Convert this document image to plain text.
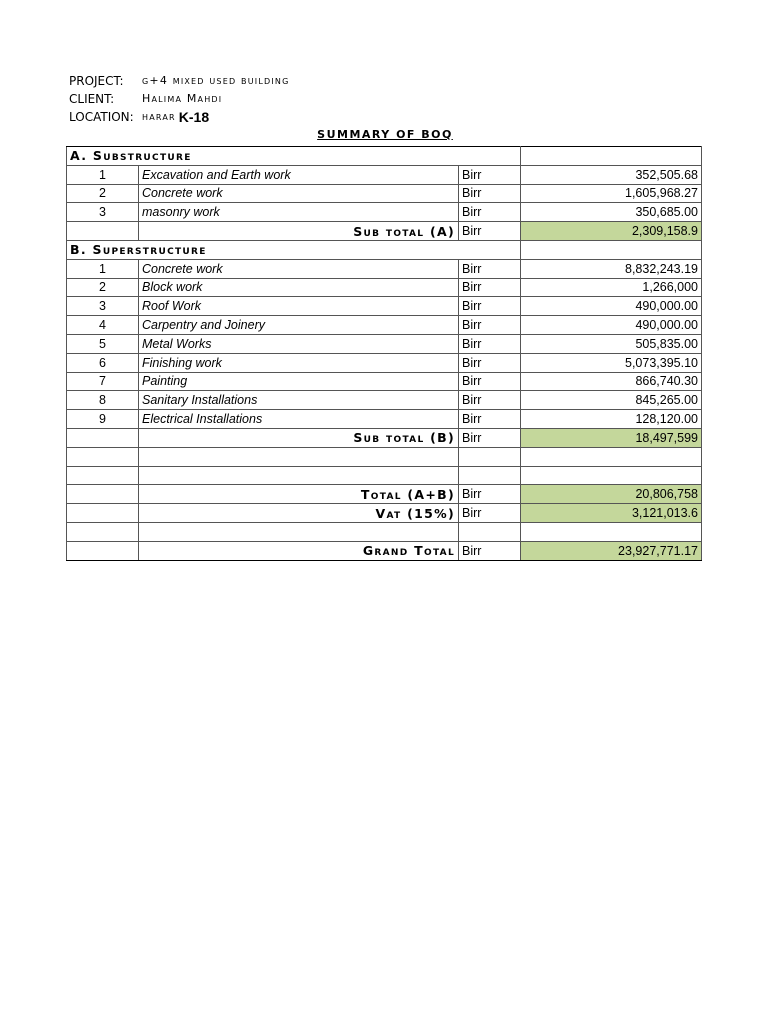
PROJECT:	g+4 mixed used building
CLIENT:	Halima Mahdi
LOCATION: harar K-18
SUMMARY OF BOQ
A. Substructure			
1	Excavation and Earth work	Birr	352,505.68
2	Concrete work	Birr	1,605,968.27
3	masonry work	Birr	350,685.00
	Sub total (A)	Birr	2,309,158.9
B. Superstructure			
1	Concrete work	Birr	8,832,243.19
2	Block work	Birr	1,266,000
3	Roof Work	Birr	490,000.00
4	Carpentry and Joinery	Birr	490,000.00
5	Metal Works	Birr	505,835.00
6	Finishing work	Birr	5,073,395.10
7	Painting	Birr	866,740.30
8	Sanitary Installations	Birr	845,265.00
9	Electrical Installations	Birr	128,120.00
	Sub total (B)	Birr	18,497,599

	Total (A+B)	Birr	20,806,758
	Vat (15%)	Birr	3,121,013.6

	Grand Total	Birr	23,927,771.17
